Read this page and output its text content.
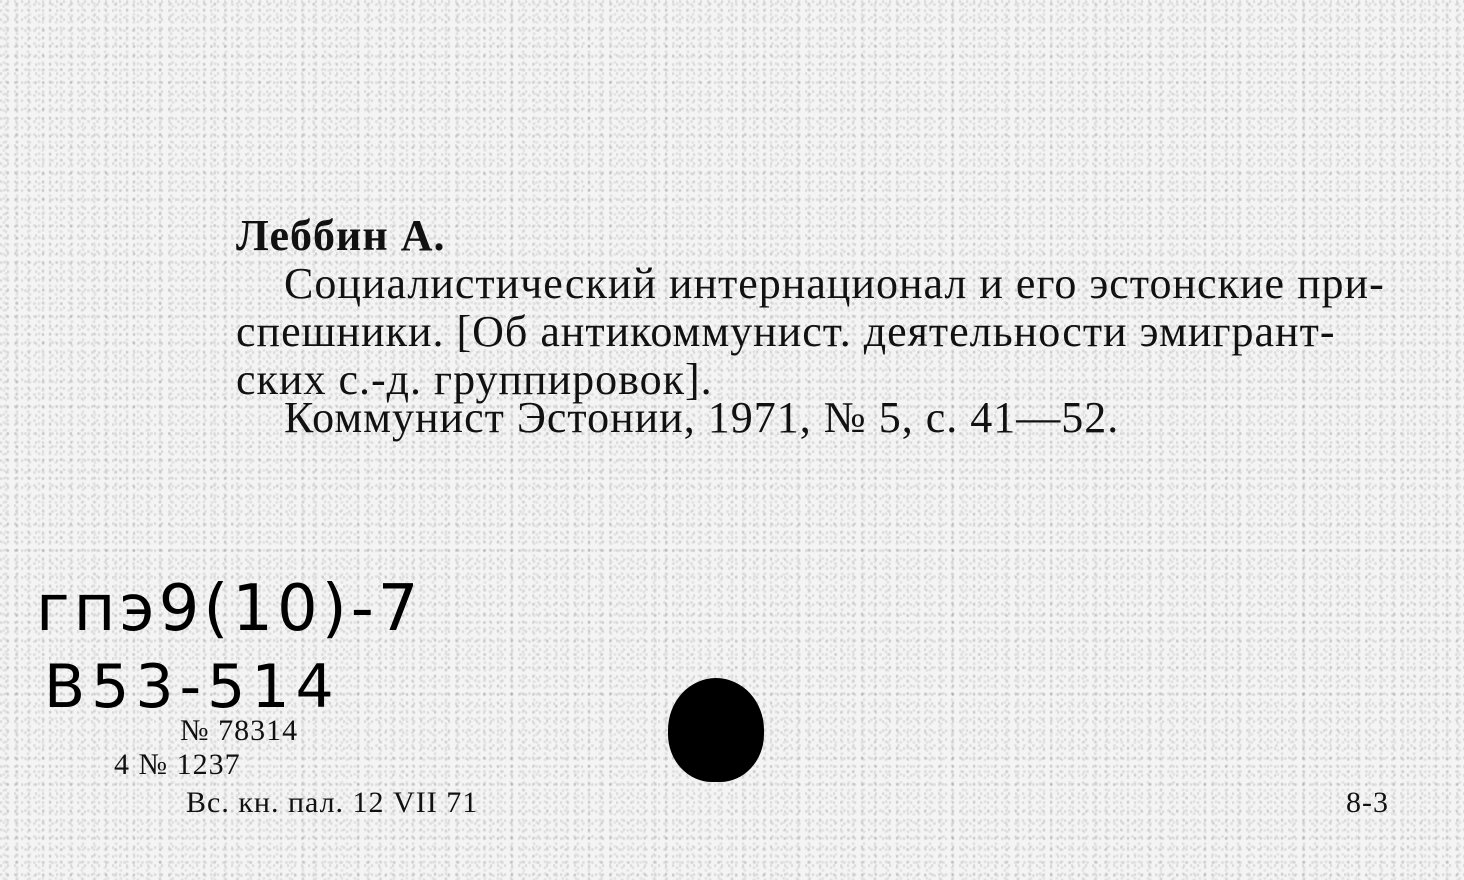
Леббин А.
Социалистический интернационал и его эстонские при-
спешники. [Об антикоммунист. деятельности эмигрант-
ских с.-д. группировок].
Коммунист Эстонии, 1971, № 5, с. 41—52.
гпэ9(10)-7
B53-514
№ 78314
4 № 1237
Вс. кн. пал. 12 VII 71	8-3
